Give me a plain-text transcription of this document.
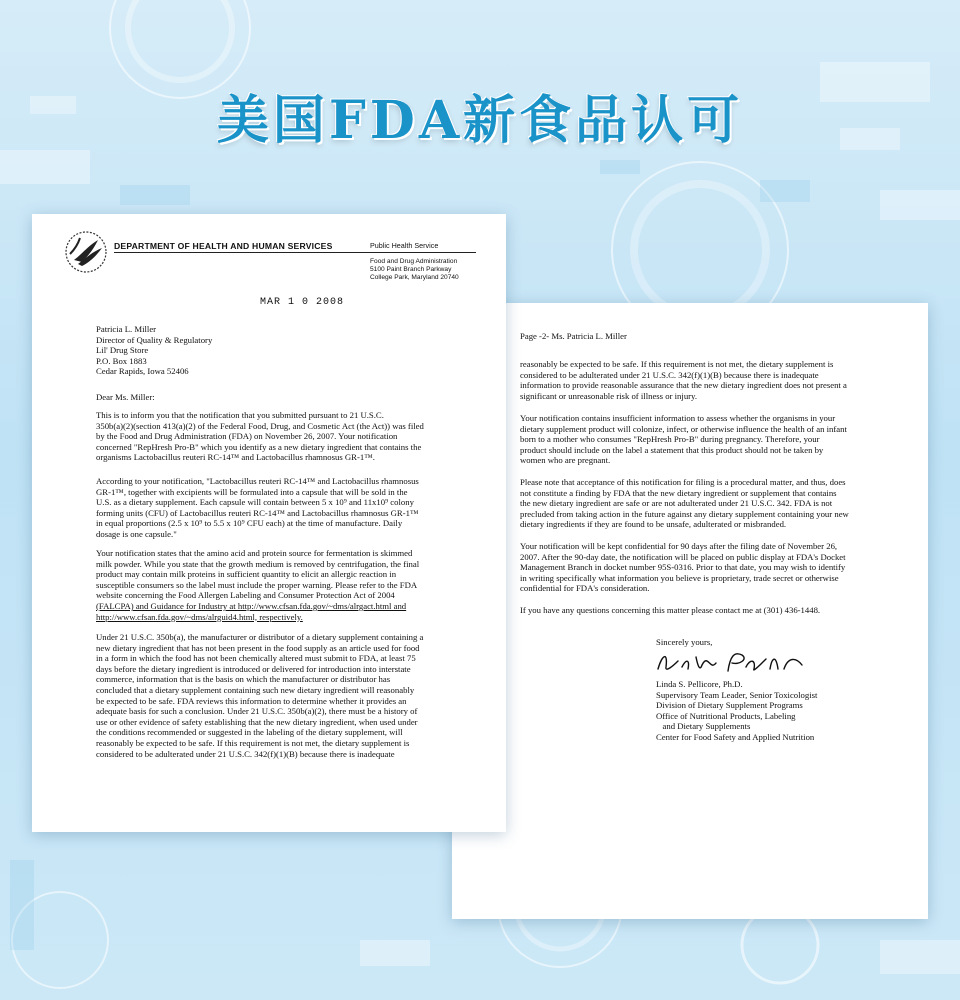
美国FDA新食品认可
DEPARTMENT OF HEALTH AND HUMAN SERVICES	Public Health Service
Food and Drug Administration
5100 Paint Branch Parkway
College Park, Maryland 20740
MAR 1 0 2008
Patricia L. Miller
Director of Quality & Regulatory
Lil' Drug Store
P.O. Box 1883
Cedar Rapids, Iowa 52406
Dear Ms. Miller:
This is to inform you that the notification that you submitted pursuant to 21 U.S.C.
350b(a)(2)(section 413(a)(2) of the Federal Food, Drug, and Cosmetic Act (the Act)) was filed
by the Food and Drug Administration (FDA) on November 26, 2007. Your notification
concerned "RepHresh Pro-B" which you identify as a new dietary ingredient that contains the
organisms Lactobacillus reuteri RC-14™ and Lactobacillus rhamnosus GR-1™.
According to your notification, "Lactobacillus reuteri RC-14™ and Lactobacillus rhamnosus
GR-1™, together with excipients will be formulated into a capsule that will be sold in the
U.S. as a dietary supplement. Each capsule will contain between 5 x 10⁹ and 11x10⁹ colony
forming units (CFU) of Lactobacillus reuteri RC-14™ and Lactobacillus rhamnosus GR-1™
in equal proportions (2.5 x 10⁹ to 5.5 x 10⁹ CFU each) at the time of manufacture. Daily
dosage is one capsule."
Your notification states that the amino acid and protein source for fermentation is skimmed
milk powder. While you state that the growth medium is removed by centrifugation, the final
product may contain milk proteins in sufficient quantity to elicit an allergic reaction in
susceptible consumers so the label must include the proper warning. Please refer to the FDA
website concerning the Food Allergen Labeling and Consumer Protection Act of 2004
(FALCPA) and Guidance for Industry at http://www.cfsan.fda.gov/~dms/alrgact.html and
http://www.cfsan.fda.gov/~dms/alrguid4.html, respectively.
Under 21 U.S.C. 350b(a), the manufacturer or distributor of a dietary supplement containing a
new dietary ingredient that has not been present in the food supply as an article used for food
in a form in which the food has not been chemically altered must submit to FDA, at least 75
days before the dietary ingredient is introduced or delivered for introduction into interstate
commerce, information that is the basis on which the manufacturer or distributor has
concluded that a dietary supplement containing such new dietary ingredient will reasonably
be expected to be safe. FDA reviews this information to determine whether it provides an
adequate basis for such a conclusion. Under 21 U.S.C. 350b(a)(2), there must be a history of
use or other evidence of safety establishing that the new dietary ingredient, when used under
the conditions recommended or suggested in the labeling of the dietary supplement, will
reasonably be expected to be safe. If this requirement is not met, the dietary supplement is
considered to be adulterated under 21 U.S.C. 342(f)(1)(B) because there is inadequate
Page -2- Ms. Patricia L. Miller
reasonably be expected to be safe. If this requirement is not met, the dietary supplement is
considered to be adulterated under 21 U.S.C. 342(f)(1)(B) because there is inadequate
information to provide reasonable assurance that the new dietary ingredient does not present a
significant or unreasonable risk of illness or injury.
Your notification contains insufficient information to assess whether the organisms in your
dietary supplement product will colonize, infect, or otherwise influence the health of an infant
born to a mother who consumes "RepHresh Pro-B" during pregnancy. Therefore, your
product should include on the label a statement that this product should not be taken by
women who are pregnant.
Please note that acceptance of this notification for filing is a procedural matter, and thus, does
not constitute a finding by FDA that the new dietary ingredient or supplement that contains
the new dietary ingredient are safe or are not adulterated under 21 U.S.C. 342. FDA is not
precluded from taking action in the future against any dietary supplement containing your new
dietary ingredients if they are found to be unsafe, adulterated or misbranded.
Your notification will be kept confidential for 90 days after the filing date of November 26,
2007. After the 90-day date, the notification will be placed on public display at FDA's Docket
Management Branch in docket number 95S-0316. Prior to that date, you may wish to identify
in writing specifically what information you believe is proprietary, trade secret or otherwise
confidential for FDA's consideration.
If you have any questions concerning this matter please contact me at (301) 436-1448.
Sincerely yours,
Linda S. Pellicore, Ph.D.
Supervisory Team Leader, Senior Toxicologist
Division of Dietary Supplement Programs
Office of Nutritional Products, Labeling
and Dietary Supplements
Center for Food Safety and Applied Nutrition
